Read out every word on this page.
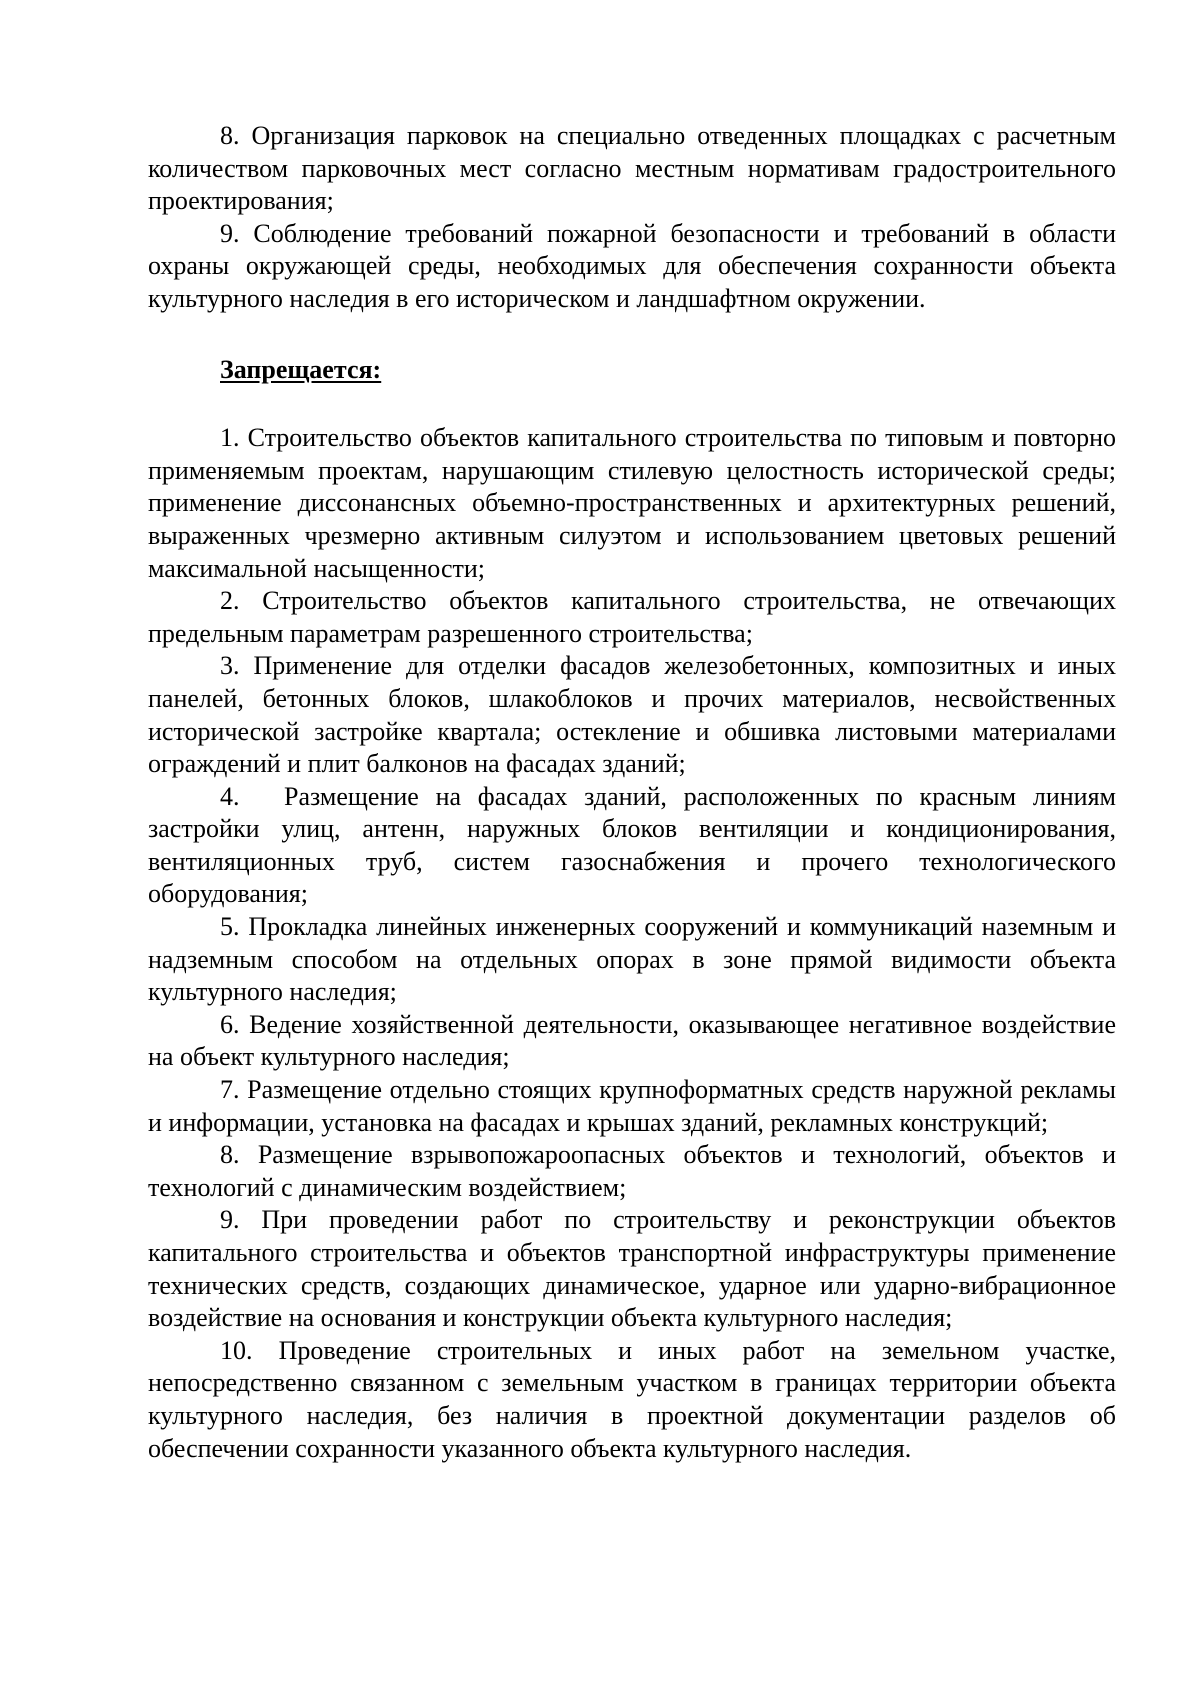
8. Организация парковок на специально отведенных площадках с расчетным количеством парковочных мест согласно местным нормативам градостроительного проектирования;

9. Соблюдение требований пожарной безопасности и требований в области охраны окружающей среды, необходимых для обеспечения сохранности объекта культурного наследия в его историческом и ландшафтном окружении.

Запрещается:

1. Строительство объектов капитального строительства по типовым и повторно применяемым проектам, нарушающим стилевую целостность исторической среды; применение диссонансных объемно-пространственных и архитектурных решений, выраженных чрезмерно активным силуэтом и использованием цветовых решений максимальной насыщенности;

2. Строительство объектов капитального строительства, не отвечающих предельным параметрам разрешенного строительства;

3. Применение для отделки фасадов железобетонных, композитных и иных панелей, бетонных блоков, шлакоблоков и прочих материалов, несвойственных исторической застройке квартала; остекление и обшивка листовыми материалами ограждений и плит балконов на фасадах зданий;

4. Размещение на фасадах зданий, расположенных по красным линиям застройки улиц, антенн, наружных блоков вентиляции и кондиционирования, вентиляционных труб, систем газоснабжения и прочего технологического оборудования;

5. Прокладка линейных инженерных сооружений и коммуникаций наземным и надземным способом на отдельных опорах в зоне прямой видимости объекта культурного наследия;

6. Ведение хозяйственной деятельности, оказывающее негативное воздействие на объект культурного наследия;

7. Размещение отдельно стоящих крупноформатных средств наружной рекламы и информации, установка на фасадах и крышах зданий, рекламных конструкций;

8. Размещение взрывопожароопасных объектов и технологий, объектов и технологий с динамическим воздействием;

9. При проведении работ по строительству и реконструкции объектов капитального строительства и объектов транспортной инфраструктуры применение технических средств, создающих динамическое, ударное или ударно-вибрационное воздействие на основания и конструкции объекта культурного наследия;

10. Проведение строительных и иных работ на земельном участке, непосредственно связанном с земельным участком в границах территории объекта культурного наследия, без наличия в проектной документации разделов об обеспечении сохранности указанного объекта культурного наследия.
